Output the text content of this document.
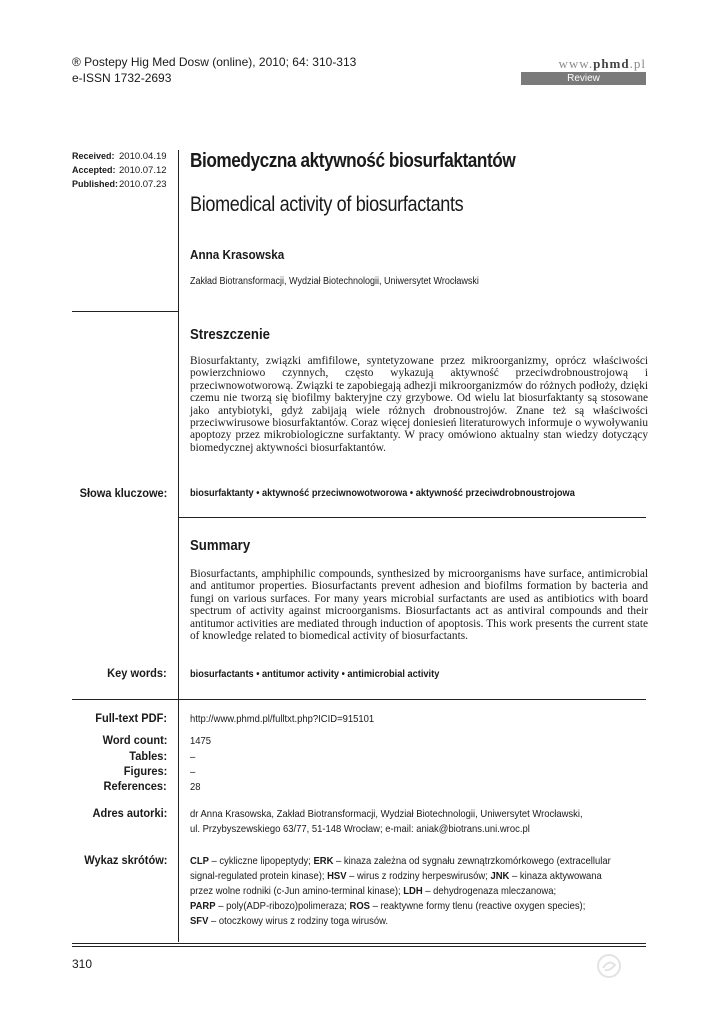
® Postepy Hig Med Dosw (online), 2010; 64: 310-313
e-ISSN 1732-2693
www.phmd.pl
Review
Received: 2010.04.19
Accepted: 2010.07.12
Published: 2010.07.23
Biomedyczna aktywność biosurfaktantów
Biomedical activity of biosurfactants
Anna Krasowska
Zakład Biotransformacji, Wydział Biotechnologii, Uniwersytet Wrocławski
Streszczenie
Biosurfaktanty, związki amfifilowe, syntetyzowane przez mikroorganizmy, oprócz właściwości powierzchniowo czynnych, często wykazują aktywność przeciwdrobnoustrojową i przeciwnowotworową. Związki te zapobiegają adhezji mikroorganizmów do różnych podłoży, dzięki czemu nie tworzą się biofilmy bakteryjne czy grzybowe. Od wielu lat biosurfaktanty są stosowane jako antybiotyki, gdyż zabijają wiele różnych drobnoustrojów. Znane też są właściwości przeciwwirusowe biosurfaktantów. Coraz więcej doniesień literaturowych informuje o wywoływaniu apoptozy przez mikrobiologiczne surfaktanty. W pracy omówiono aktualny stan wiedzy dotyczący biomedycznej aktywności biosurfaktantów.
Słowa kluczowe: biosurfaktanty • aktywność przeciwnowotworowa • aktywność przeciwdrobnoustrojowa
Summary
Biosurfactants, amphiphilic compounds, synthesized by microorganisms have surface, antimicrobial and antitumor properties. Biosurfactants prevent adhesion and biofilms formation by bacteria and fungi on various surfaces. For many years microbial surfactants are used as antibiotics with board spectrum of activity against microorganisms. Biosurfactants act as antiviral compounds and their antitumor activities are mediated through induction of apoptosis. This work presents the current state of knowledge related to biomedical activity of biosurfactants.
Key words: biosurfactants • antitumor activity • antimicrobial activity
Full-text PDF: http://www.phmd.pl/fulltxt.php?ICID=915101
Word count: 1475
Tables: –
Figures: –
References: 28
Adres autorki: dr Anna Krasowska, Zakład Biotransformacji, Wydział Biotechnologii, Uniwersytet Wrocławski,
ul. Przybyszewskiego 63/77, 51-148 Wrocław; e-mail: aniak@biotrans.uni.wroc.pl
Wykaz skrótów: CLP – cykliczne lipopeptydy; ERK – kinaza zależna od sygnału zewnątrzkomórkowego (extracellular
signal-regulated protein kinase); HSV – wirus z rodziny herpeswirusów; JNK – kinaza aktywowana
przez wolne rodniki (c-Jun amino-terminal kinase); LDH – dehydrogenaza mleczanowa;
PARP – poly(ADP-ribozo)polimeraza; ROS – reaktywne formy tlenu (reactive oxygen species);
SFV – otoczkowy wirus z rodziny toga wirusów.
310
